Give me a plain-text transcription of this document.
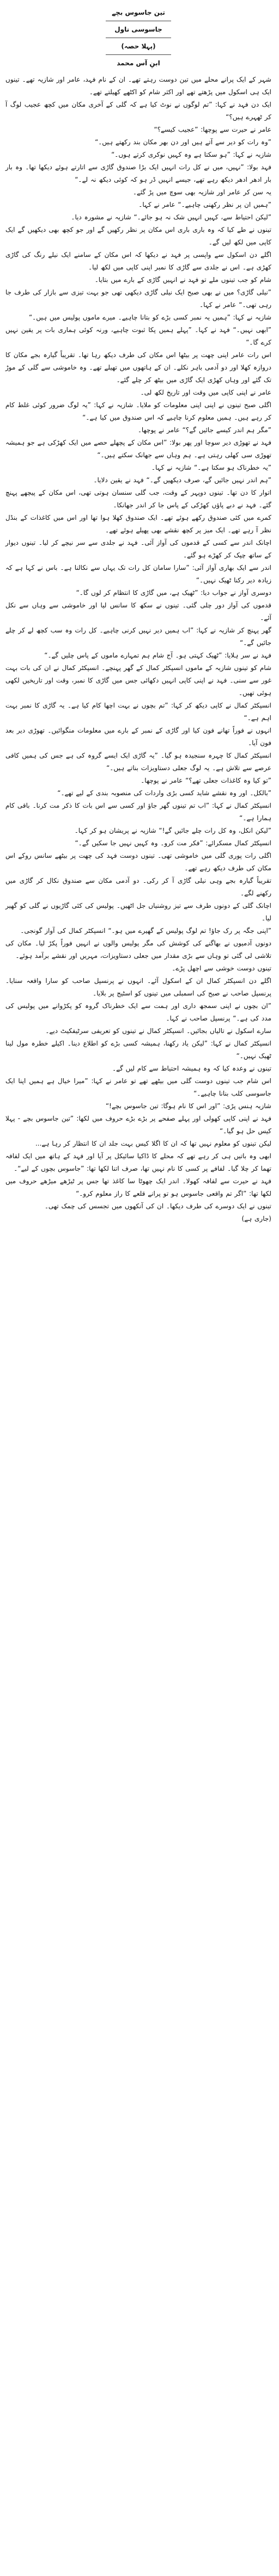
تین جاسوس بچے
جاسوسی ناول
(پہلا حصہ)
ابنِ آس محمد

شہر کے ایک پرانے محلے میں تین دوست رہتے تھے۔ ان کے نام فہد، عامر اور شازیہ تھے۔ تینوں ایک ہی اسکول میں پڑھتے تھے اور اکثر شام کو اکٹھے کھیلتے تھے۔

ایک دن فہد نے کہا: ”تم لوگوں نے نوٹ کیا ہے کہ گلی کے آخری مکان میں کچھ عجیب لوگ آ کر ٹھہرے ہیں؟“

عامر نے حیرت سے پوچھا: ”عجیب کیسے؟“

”وہ رات کو دیر سے آتے ہیں اور دن بھر مکان بند رکھتے ہیں۔“

شازیہ نے کہا: ”ہو سکتا ہے وہ کہیں نوکری کرتے ہوں۔“

فہد بولا: ”نہیں، میں نے کل رات انہیں ایک بڑا صندوق گاڑی سے اتارتے ہوئے دیکھا تھا۔ وہ بار بار ادھر ادھر دیکھ رہے تھے، جیسے انہیں ڈر ہو کہ کوئی دیکھ نہ لے۔“

یہ سن کر عامر اور شازیہ بھی سوچ میں پڑ گئے۔

”ہمیں ان پر نظر رکھنی چاہیے۔“ عامر نے کہا۔

”لیکن احتیاط سے، کہیں انہیں شک نہ ہو جائے۔“ شازیہ نے مشورہ دیا۔

تینوں نے طے کیا کہ وہ باری باری اس مکان پر نظر رکھیں گے اور جو کچھ بھی دیکھیں گے ایک کاپی میں لکھ لیں گے۔

اگلے دن اسکول سے واپسی پر فہد نے دیکھا کہ اس مکان کے سامنے ایک نیلے رنگ کی گاڑی کھڑی ہے۔ اس نے جلدی سے گاڑی کا نمبر اپنی کاپی میں لکھ لیا۔

شام کو جب تینوں ملے تو فہد نے انہیں گاڑی کے بارے میں بتایا۔

”نیلی گاڑی؟ میں نے بھی صبح ایک نیلی گاڑی دیکھی تھی جو بہت تیزی سے بازار کی طرف جا رہی تھی۔“ عامر نے کہا۔

شازیہ نے کہا: ”ہمیں یہ نمبر کسی بڑے کو بتانا چاہیے۔ میرے ماموں پولیس میں ہیں۔“

”ابھی نہیں۔“ فہد نے کہا۔ ”پہلے ہمیں پکا ثبوت چاہیے، ورنہ کوئی ہماری بات پر یقین نہیں کرے گا۔“

اس رات عامر اپنی چھت پر بیٹھا اس مکان کی طرف دیکھ رہا تھا۔ تقریباً گیارہ بجے مکان کا دروازہ کھلا اور دو آدمی باہر نکلے۔ ان کے ہاتھوں میں تھیلے تھے۔ وہ خاموشی سے گلی کے موڑ تک گئے اور وہاں کھڑی ایک گاڑی میں بیٹھ کر چلے گئے۔

عامر نے اپنی کاپی میں وقت اور تاریخ لکھ لی۔

اگلی صبح تینوں نے اپنی اپنی معلومات کو ملایا۔ شازیہ نے کہا: ”یہ لوگ ضرور کوئی غلط کام کر رہے ہیں۔ ہمیں معلوم کرنا چاہیے کہ اس صندوق میں کیا ہے۔“

”مگر ہم اندر کیسے جائیں گے؟“ عامر نے پوچھا۔

فہد نے تھوڑی دیر سوچا اور پھر بولا: ”اس مکان کے پچھلے حصے میں ایک کھڑکی ہے جو ہمیشہ تھوڑی سی کھلی رہتی ہے۔ ہم وہاں سے جھانک سکتے ہیں۔“

”یہ خطرناک ہو سکتا ہے۔“ شازیہ نے کہا۔

”ہم اندر نہیں جائیں گے، صرف دیکھیں گے۔“ فہد نے یقین دلایا۔

اتوار کا دن تھا۔ تینوں دوپہر کے وقت، جب گلی سنسان ہوتی تھی، اس مکان کے پیچھے پہنچ گئے۔ فہد نے دبے پاؤں کھڑکی کے پاس جا کر اندر جھانکا۔

کمرے میں کئی صندوق رکھے ہوئے تھے۔ ایک صندوق کھلا ہوا تھا اور اس میں کاغذات کے بنڈل نظر آ رہے تھے۔ ایک میز پر کچھ نقشے بھی پھیلے ہوئے تھے۔

اچانک اندر سے کسی کے قدموں کی آواز آئی۔ فہد نے جلدی سے سر نیچے کر لیا۔ تینوں دیوار کے ساتھ چپک کر کھڑے ہو گئے۔

اندر سے ایک بھاری آواز آئی: ”سارا سامان کل رات تک یہاں سے نکالنا ہے۔ باس نے کہا ہے کہ زیادہ دیر رکنا ٹھیک نہیں۔“

دوسری آواز نے جواب دیا: ”ٹھیک ہے، میں گاڑی کا انتظام کر لوں گا۔“

قدموں کی آواز دور چلی گئی۔ تینوں نے سکھ کا سانس لیا اور خاموشی سے وہاں سے نکل آئے۔

گھر پہنچ کر شازیہ نے کہا: ”اب ہمیں دیر نہیں کرنی چاہیے۔ کل رات وہ سب کچھ لے کر چلے جائیں گے۔“

فہد نے سر ہلایا: ”ٹھیک کہتی ہو۔ آج شام ہم تمہارے ماموں کے پاس چلیں گے۔“

شام کو تینوں شازیہ کے ماموں انسپکٹر کمال کے گھر پہنچے۔ انسپکٹر کمال نے ان کی بات بہت غور سے سنی۔ فہد نے اپنی کاپی انہیں دکھائی جس میں گاڑی کا نمبر، وقت اور تاریخیں لکھی ہوئی تھیں۔

انسپکٹر کمال نے کاپی دیکھ کر کہا: ”تم بچوں نے بہت اچھا کام کیا ہے۔ یہ گاڑی کا نمبر بہت اہم ہے۔“

انہوں نے فوراً تھانے فون کیا اور گاڑی کے نمبر کے بارے میں معلومات منگوائیں۔ تھوڑی دیر بعد فون آیا۔

انسپکٹر کمال کا چہرہ سنجیدہ ہو گیا۔ ”یہ گاڑی ایک ایسے گروہ کی ہے جس کی ہمیں کافی عرصے سے تلاش ہے۔ یہ لوگ جعلی دستاویزات بناتے ہیں۔“

”تو کیا وہ کاغذات جعلی تھے؟“ عامر نے پوچھا۔

”بالکل۔ اور وہ نقشے شاید کسی بڑی واردات کی منصوبہ بندی کے لیے تھے۔“

انسپکٹر کمال نے کہا: ”اب تم تینوں گھر جاؤ اور کسی سے اس بات کا ذکر مت کرنا۔ باقی کام ہمارا ہے۔“

”لیکن انکل، وہ کل رات چلے جائیں گے!“ شازیہ نے پریشان ہو کر کہا۔

انسپکٹر کمال مسکرائے: ”فکر مت کرو۔ وہ کہیں نہیں جا سکیں گے۔“

اگلی رات پوری گلی میں خاموشی تھی۔ تینوں دوست فہد کی چھت پر بیٹھے سانس روکے اس مکان کی طرف دیکھ رہے تھے۔

تقریباً گیارہ بجے وہی نیلی گاڑی آ کر رکی۔ دو آدمی مکان سے صندوق نکال کر گاڑی میں رکھنے لگے۔

اچانک گلی کے دونوں طرف سے تیز روشنیاں جل اٹھیں۔ پولیس کی کئی گاڑیوں نے گلی کو گھیر لیا۔

”اپنی جگہ پر رک جاؤ! تم لوگ پولیس کے گھیرے میں ہو۔“ انسپکٹر کمال کی آواز گونجی۔

دونوں آدمیوں نے بھاگنے کی کوشش کی مگر پولیس والوں نے انہیں فوراً پکڑ لیا۔ مکان کی تلاشی لی گئی تو وہاں سے بڑی مقدار میں جعلی دستاویزات، مہریں اور نقشے برآمد ہوئے۔

تینوں دوست خوشی سے اچھل پڑے۔

اگلے دن انسپکٹر کمال ان کے اسکول آئے۔ انہوں نے پرنسپل صاحب کو سارا واقعہ سنایا۔ پرنسپل صاحب نے صبح کی اسمبلی میں تینوں کو اسٹیج پر بلایا۔

”ان بچوں نے اپنی سمجھ داری اور ہمت سے ایک خطرناک گروہ کو پکڑوانے میں پولیس کی مدد کی ہے۔“ پرنسپل صاحب نے کہا۔

سارے اسکول نے تالیاں بجائیں۔ انسپکٹر کمال نے تینوں کو تعریفی سرٹیفکیٹ دیے۔

انسپکٹر کمال نے کہا: ”لیکن یاد رکھنا، ہمیشہ کسی بڑے کو اطلاع دینا۔ اکیلے خطرہ مول لینا ٹھیک نہیں۔“

تینوں نے وعدہ کیا کہ وہ ہمیشہ احتیاط سے کام لیں گے۔

اس شام جب تینوں دوست گلی میں بیٹھے تھے تو عامر نے کہا: ”میرا خیال ہے ہمیں اپنا ایک جاسوسی کلب بنانا چاہیے۔“

شازیہ ہنس پڑی: ”اور اس کا نام ہوگا: تین جاسوس بچے!“

فہد نے اپنی کاپی کھولی اور پہلے صفحے پر بڑے بڑے حروف میں لکھا: ”تین جاسوس بچے - پہلا کیس حل ہو گیا۔“

لیکن تینوں کو معلوم نہیں تھا کہ ان کا اگلا کیس بہت جلد ان کا انتظار کر رہا ہے...

ابھی وہ باتیں ہی کر رہے تھے کہ محلے کا ڈاکیا سائیکل پر آیا اور فہد کے ہاتھ میں ایک لفافہ تھما کر چلا گیا۔ لفافے پر کسی کا نام نہیں تھا، صرف اتنا لکھا تھا: ”جاسوس بچوں کے لیے“۔

فہد نے حیرت سے لفافہ کھولا۔ اندر ایک چھوٹا سا کاغذ تھا جس پر ٹیڑھے میڑھے حروف میں لکھا تھا: ”اگر تم واقعی جاسوس ہو تو پرانے قلعے کا راز معلوم کرو۔“

تینوں نے ایک دوسرے کی طرف دیکھا۔ ان کی آنکھوں میں تجسس کی چمک تھی۔

(جاری ہے)
